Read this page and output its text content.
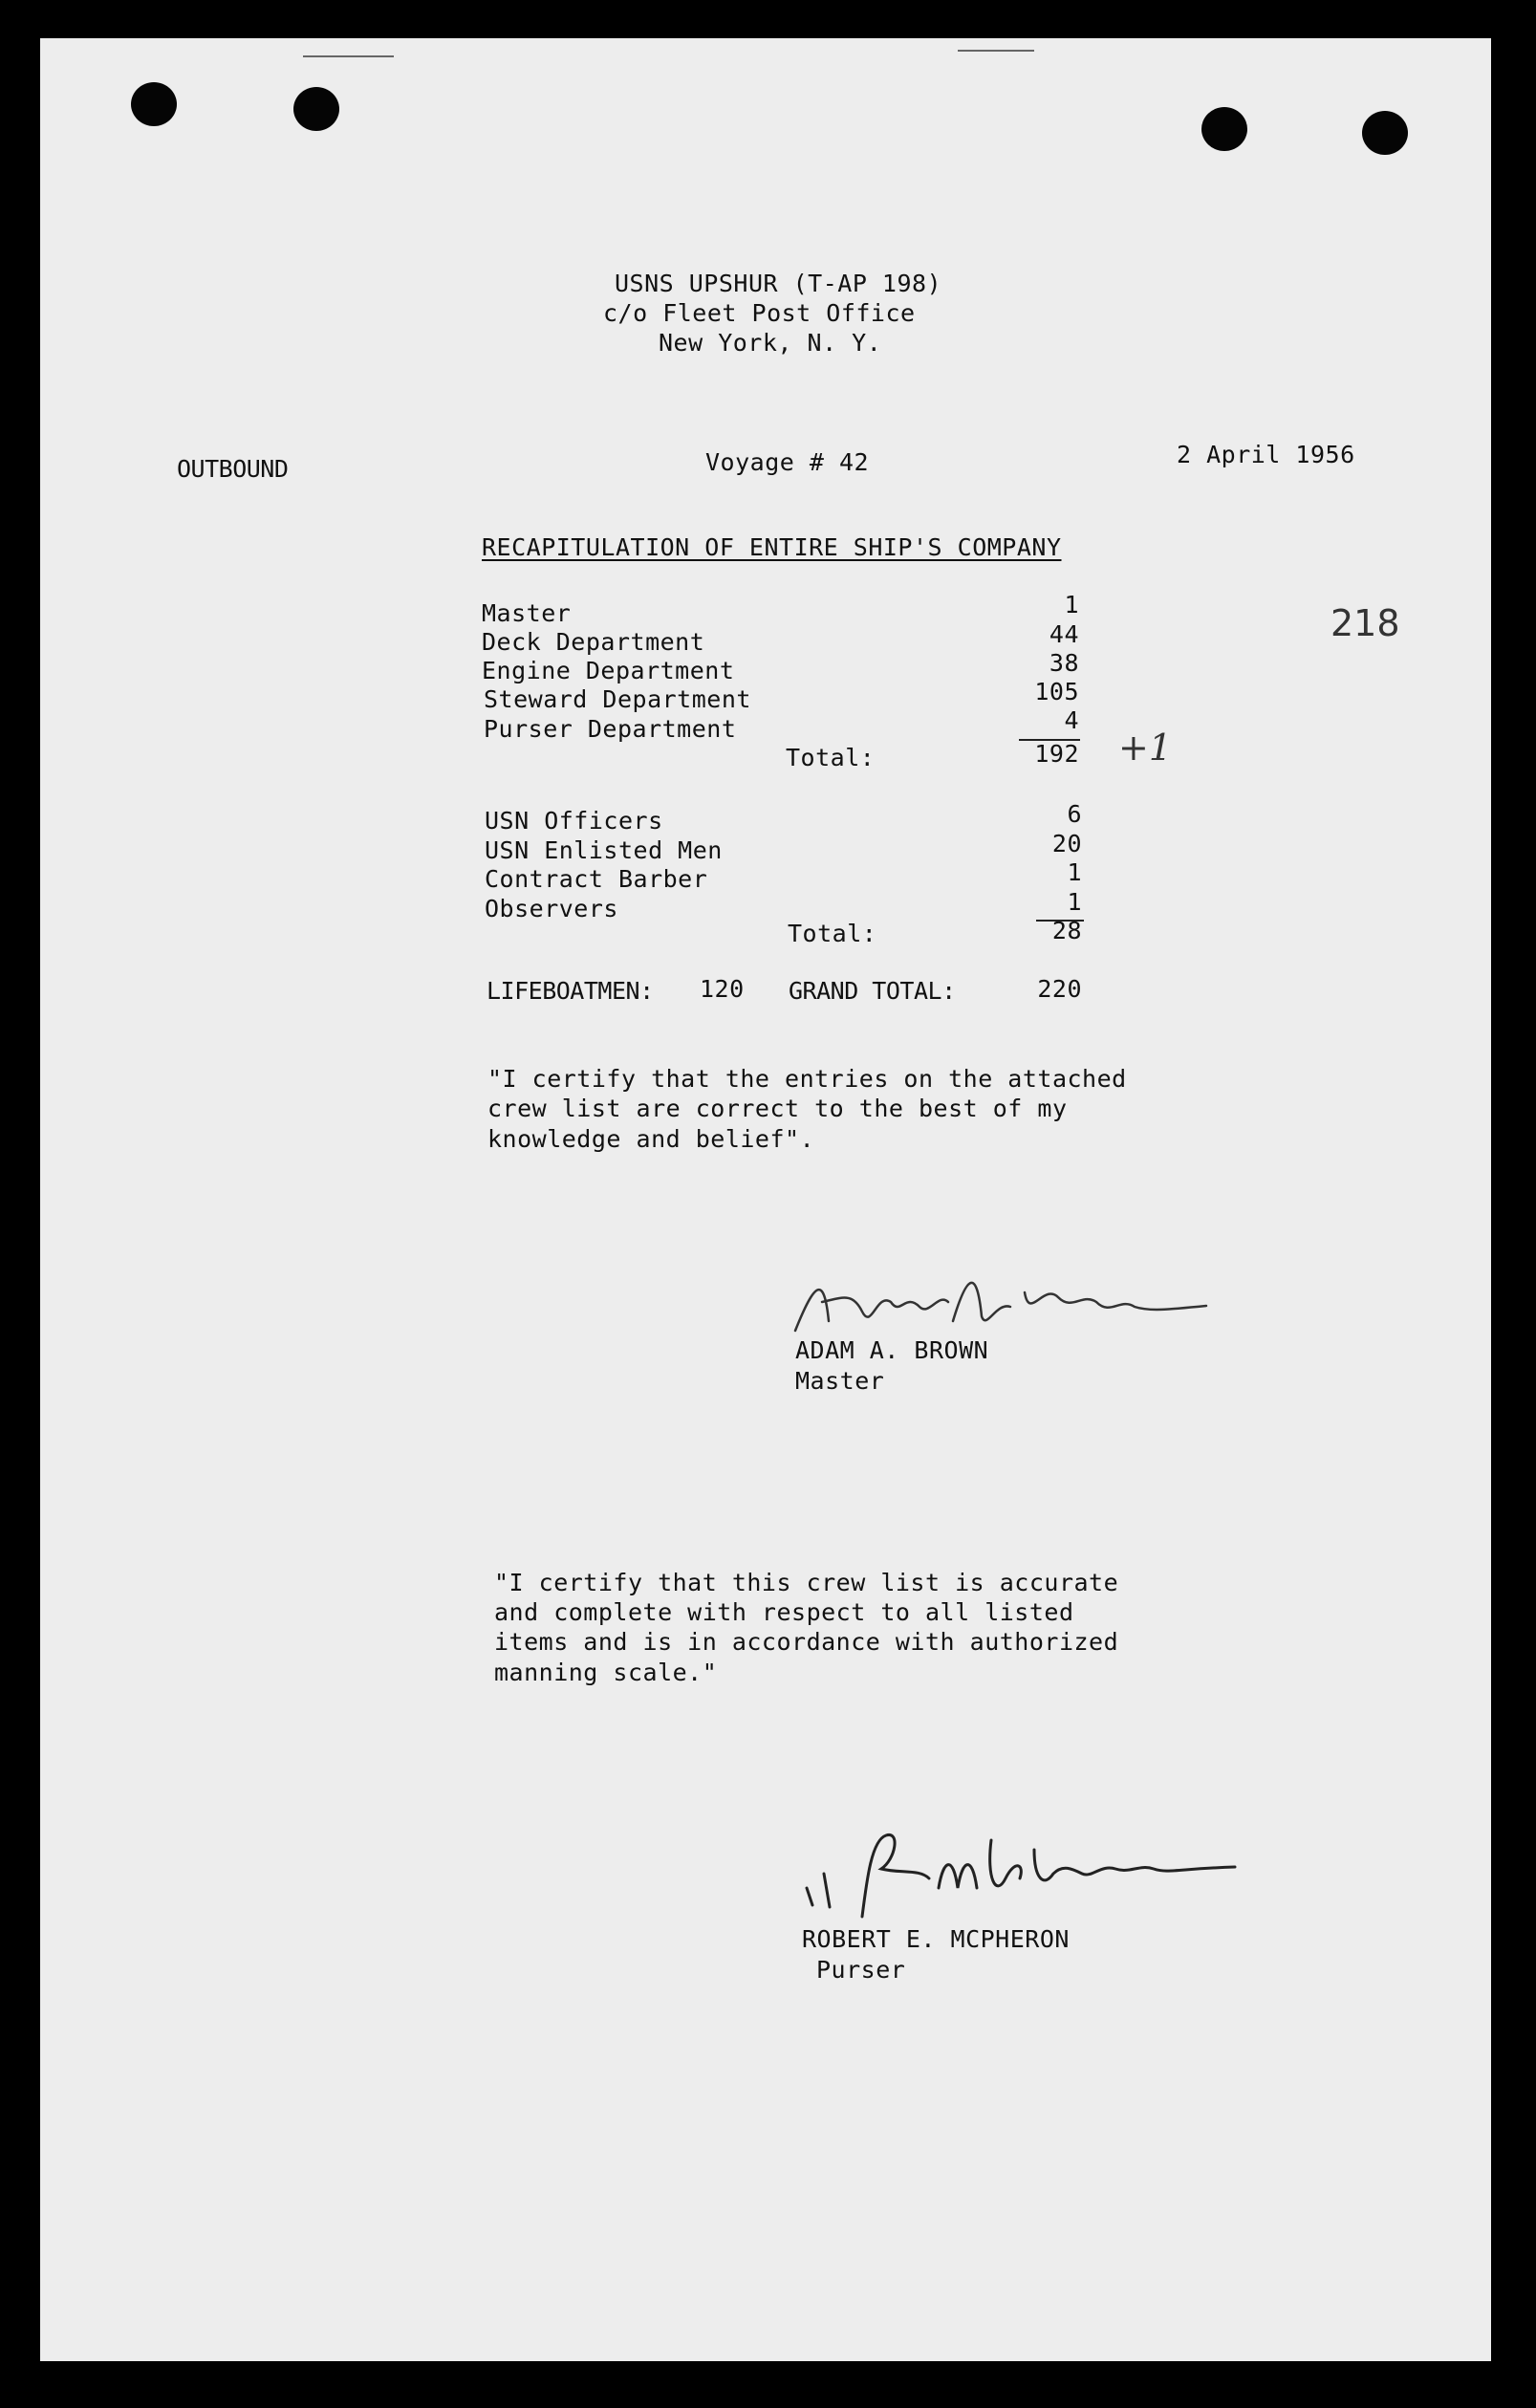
USNS UPSHUR (T-AP 198)
c/o Fleet Post Office
New York, N. Y.
OUTBOUND	Voyage # 42	2 April 1956
218
RECAPITULATION OF ENTIRE SHIP'S COMPANY
Master	1
Deck Department	44
Engine Department	38
Steward Department	105
Purser Department	4
Total:	192 +1
USN Officers	6
USN Enlisted Men	20
Contract Barber	1
Observers	1
Total:	28
LIFEBOATMEN: 120 GRAND TOTAL:	220
"I certify that the entries on the attached
crew list are correct to the best of my
knowledge and belief".
ADAM A. BROWN
Master
"I certify that this crew list is accurate
and complete with respect to all listed
items and is in accordance with authorized
manning scale."
ROBERT E. MCPHERON
Purser
